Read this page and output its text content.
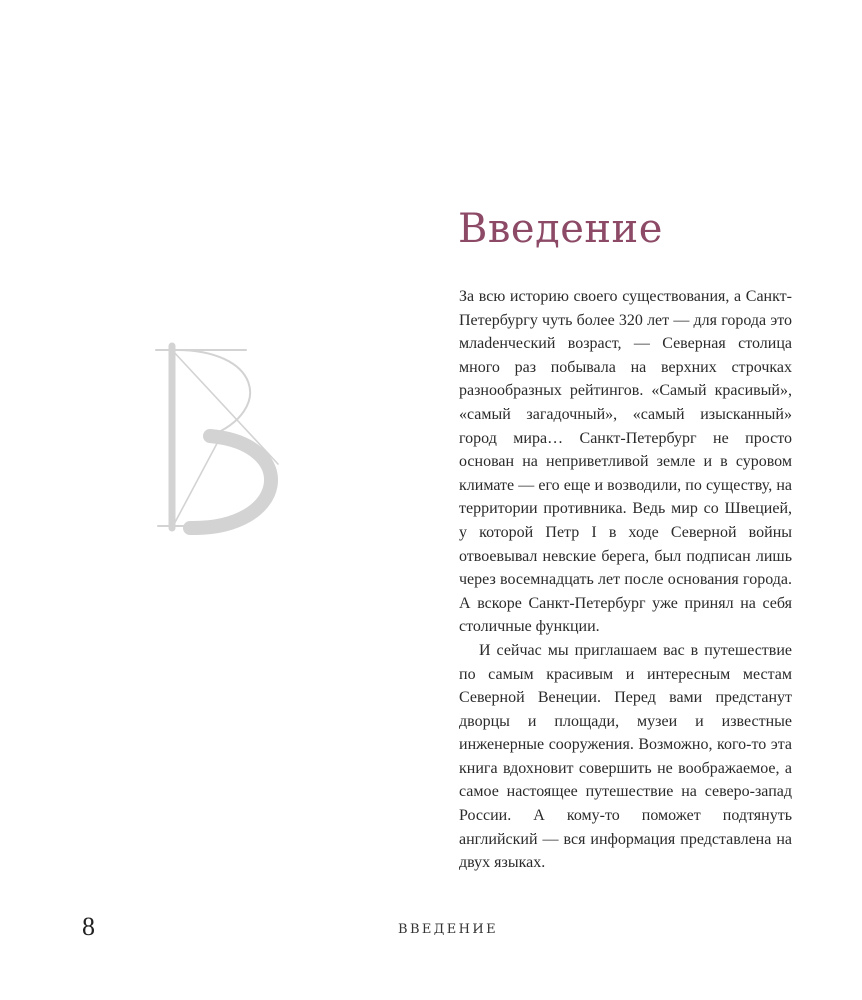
Введение

За всю историю своего существования, а Санкт-Петербургу чуть более 320 лет — для города это млаdенческий возраст, — Северная столица много раз побывала на верхних строчках разнообразных рейтингов. «Самый красивый», «самый загадочный», «самый изысканный» город мира… Санкт-Петербург не просто основан на неприветливой земле и в суровом климате — его еще и возводили, по существу, на территории противника. Ведь мир со Швецией, у которой Петр I в ходе Северной войны отвоевывал невские берега, был подписан лишь через восемнадцать лет после основания города. А вскоре Санкт-Петербург уже принял на себя столичные функции.

И сейчас мы приглашаем вас в путешествие по самым красивым и интересным местам Северной Венеции. Перед вами предстанут дворцы и площади, музеи и известные инженерные сооружения. Возможно, кого-то эта книга вдохновит совершить не воображаемое, а самое настоящее путешествие на северо-запад России. А кому-то поможет подтянуть английский — вся информация представлена на двух языках.

8	ВВЕДЕНИЕ
